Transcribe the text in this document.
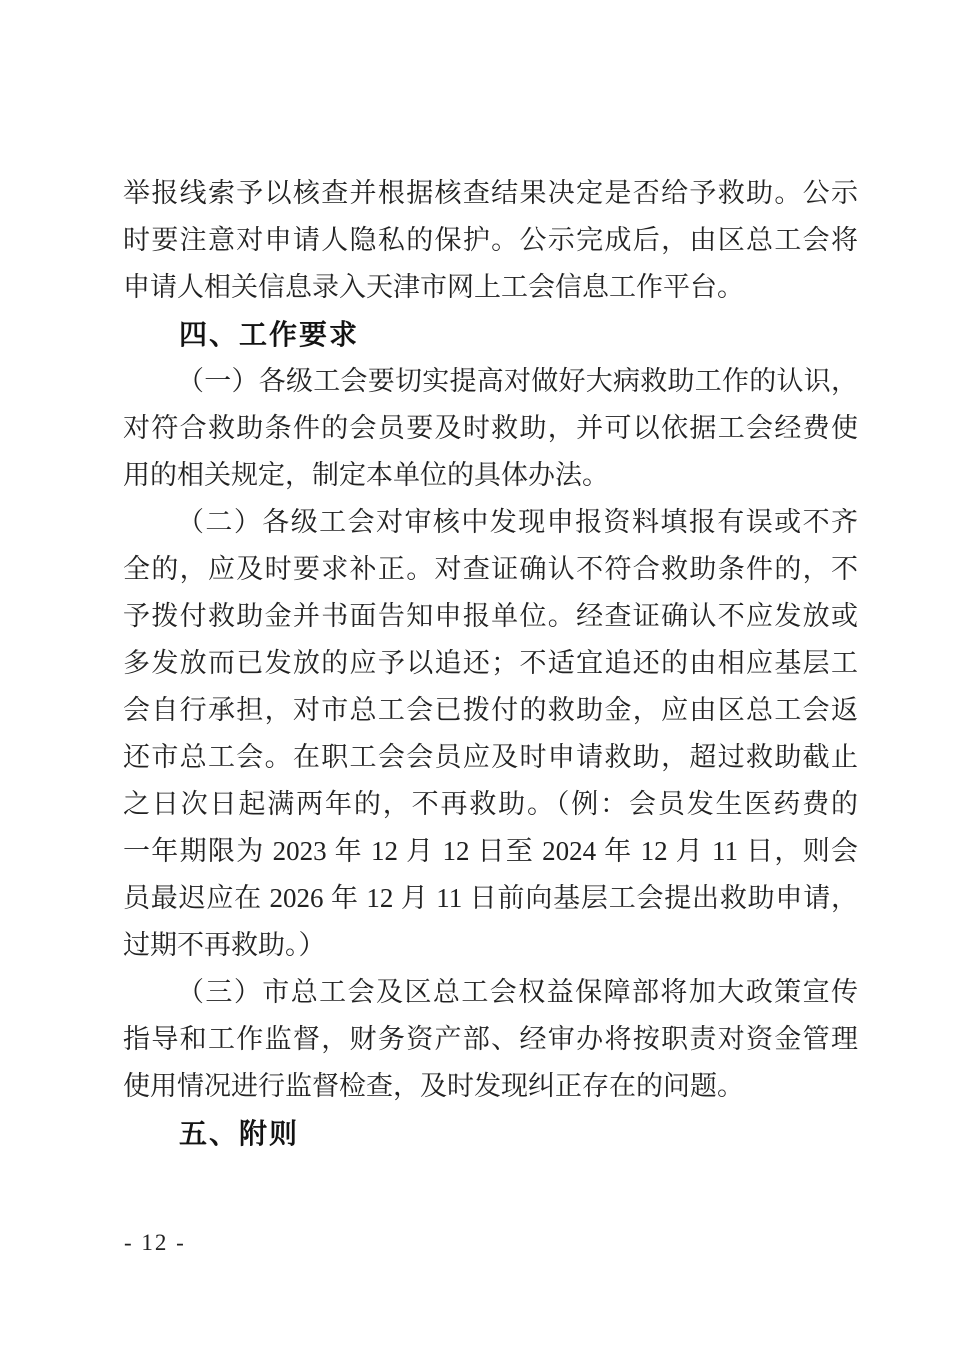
举报线索予以核查并根据核查结果决定是否给予救助。公示
时要注意对申请人隐私的保护。公示完成后，由区总工会将
申请人相关信息录入天津市网上工会信息工作平台。
四、工作要求
（一）各级工会要切实提高对做好大病救助工作的认识，
对符合救助条件的会员要及时救助，并可以依据工会经费使
用的相关规定，制定本单位的具体办法。
（二）各级工会对审核中发现申报资料填报有误或不齐
全的，应及时要求补正。对查证确认不符合救助条件的，不
予拨付救助金并书面告知申报单位。经查证确认不应发放或
多发放而已发放的应予以追还；不适宜追还的由相应基层工
会自行承担，对市总工会已拨付的救助金，应由区总工会返
还市总工会。在职工会会员应及时申请救助，超过救助截止
之日次日起满两年的，不再救助。（例：会员发生医药费的
一年期限为 2023 年 12 月 12 日至 2024 年 12 月 11 日，则会
员最迟应在 2026 年 12 月 11 日前向基层工会提出救助申请，
过期不再救助。）
（三）市总工会及区总工会权益保障部将加大政策宣传
指导和工作监督，财务资产部、经审办将按职责对资金管理
使用情况进行监督检查，及时发现纠正存在的问题。
五、附则
- 12 -
